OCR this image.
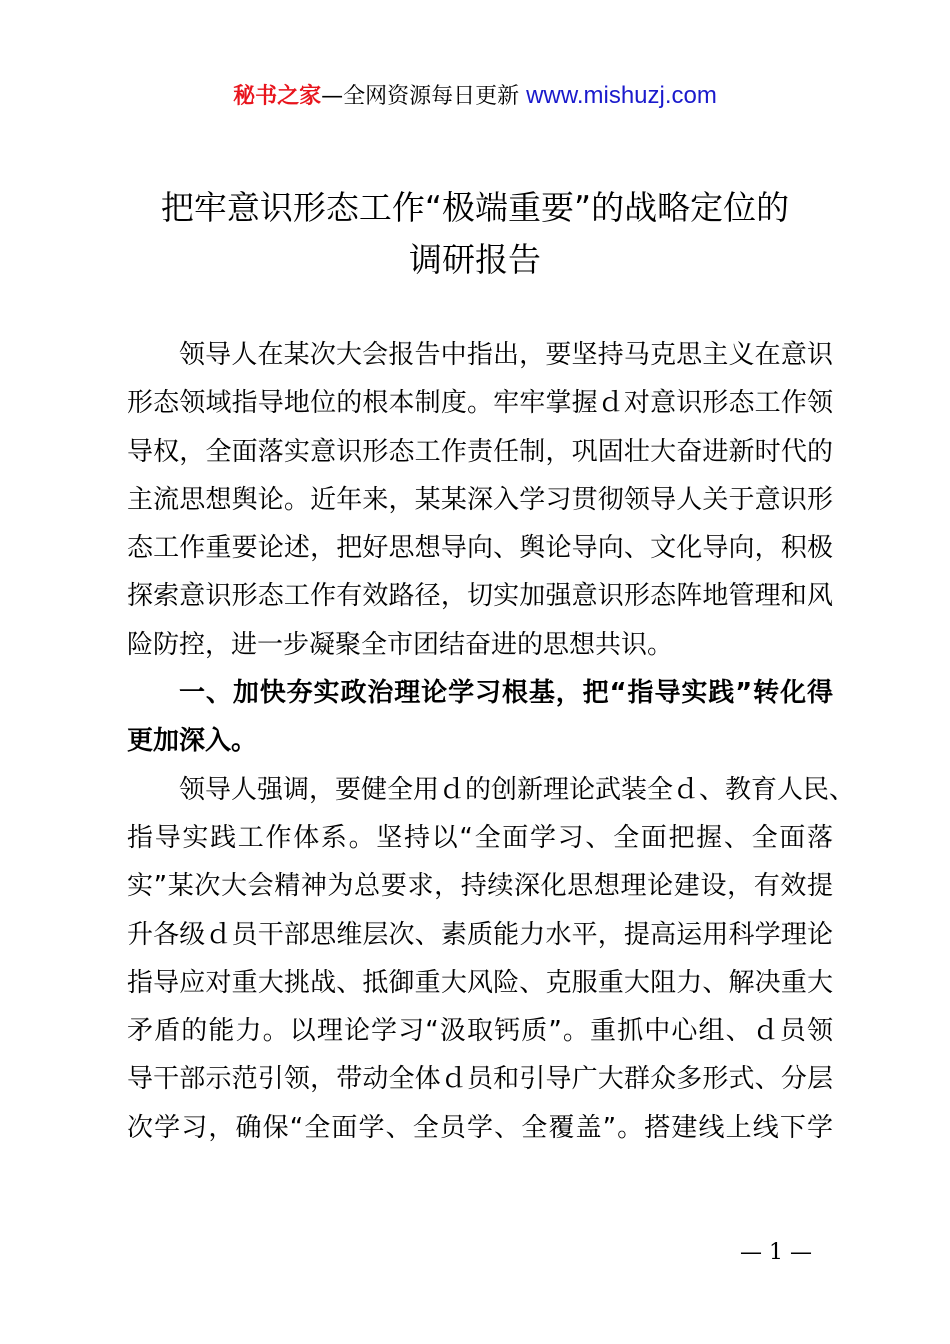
秘书之家—全网资源每日更新 www.mishuzj.com
把牢意识形态工作“极端重要”的战略定位的
调研报告

领导人在某次大会报告中指出，要坚持马克思主义在意识
形态领域指导地位的根本制度。牢牢掌握ｄ对意识形态工作领
导权，全面落实意识形态工作责任制，巩固壮大奋进新时代的
主流思想舆论。近年来，某某深入学习贯彻领导人关于意识形
态工作重要论述，把好思想导向、舆论导向、文化导向，积极
探索意识形态工作有效路径，切实加强意识形态阵地管理和风
险防控，进一步凝聚全市团结奋进的思想共识。

一、加快夯实政治理论学习根基，把“指导实践”转化得
更加深入。

领导人强调，要健全用ｄ的创新理论武装全ｄ、教育人民、
指导实践工作体系。坚持以“全面学习、全面把握、全面落
实”某次大会精神为总要求，持续深化思想理论建设，有效提
升各级ｄ员干部思维层次、素质能力水平，提高运用科学理论
指导应对重大挑战、抵御重大风险、克服重大阻力、解决重大
矛盾的能力。以理论学习“汲取钙质”。重抓中心组、ｄ员领
导干部示范引领，带动全体ｄ员和引导广大群众多形式、分层
次学习，确保“全面学、全员学、全覆盖”。搭建线上线下学

— 1 —
